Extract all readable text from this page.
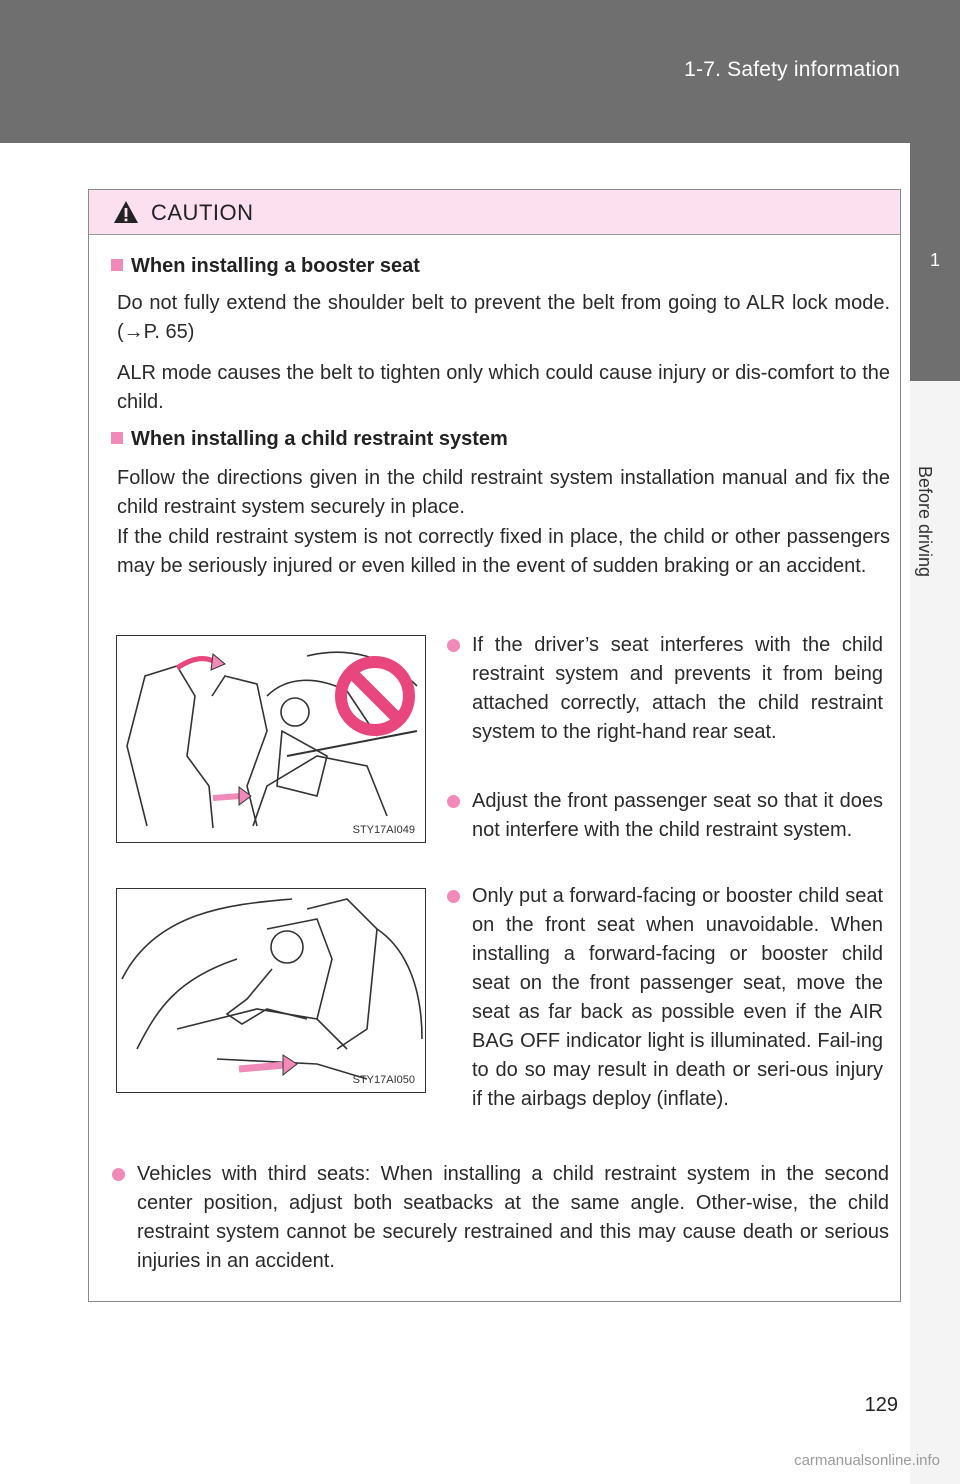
1-7. Safety information
1
Before driving
CAUTION
When installing a booster seat
Do not fully extend the shoulder belt to prevent the belt from going to ALR lock mode. (→P. 65)
ALR mode causes the belt to tighten only which could cause injury or dis-comfort to the child.
When installing a child restraint system
Follow the directions given in the child restraint system installation manual and fix the child restraint system securely in place.
If the child restraint system is not correctly fixed in place, the child or other passengers may be seriously injured or even killed in the event of sudden braking or an accident.
STY17AI049
STY17AI050
If the driver’s seat interferes with the child restraint system and prevents it from being attached correctly, attach the child restraint system to the right-hand rear seat.
Adjust the front passenger seat so that it does not interfere with the child restraint system.
Only put a forward-facing or booster child seat on the front seat when unavoidable. When installing a forward-facing or booster child seat on the front passenger seat, move the seat as far back as possible even if the AIR BAG OFF indicator light is illuminated. Fail-ing to do so may result in death or seri-ous injury if the airbags deploy (inflate).
Vehicles with third seats: When installing a child restraint system in the second center position, adjust both seatbacks at the same angle. Other-wise, the child restraint system cannot be securely restrained and this may cause death or serious injuries in an accident.
129
carmanualsonline.info
